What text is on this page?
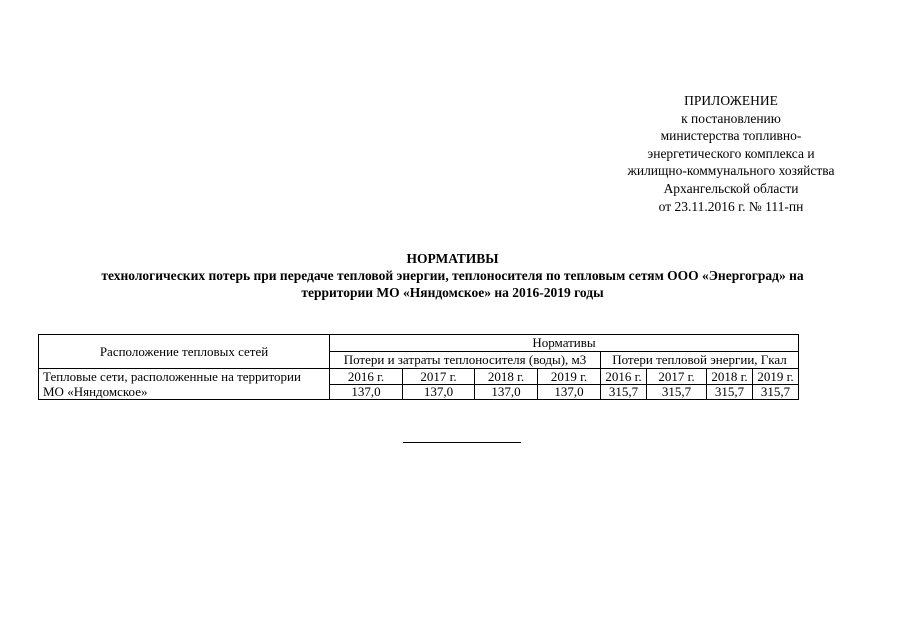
ПРИЛОЖЕНИЕ
к постановлению
министерства топливно-
энергетического комплекса и
жилищно-коммунального хозяйства
Архангельской области
от 23.11.2016 г. № 111-пн
НОРМАТИВЫ
технологических потерь при передаче тепловой энергии, теплоносителя по тепловым сетям ООО «Энергоград» на
территории МО «Няндомское» на 2016-2019 годы
Расположение тепловых сетей	Нормативы							
	Потери и затраты теплоносителя (воды), м3				Потери тепловой энергии, Гкал			
Тепловые сети, расположенные на территории	2016 г.	2017 г.	2018 г.	2019 г.	2016 г.	2017 г.	2018 г.	2019 г.
МО «Няндомское»	137,0	137,0	137,0	137,0	315,7	315,7	315,7	315,7
